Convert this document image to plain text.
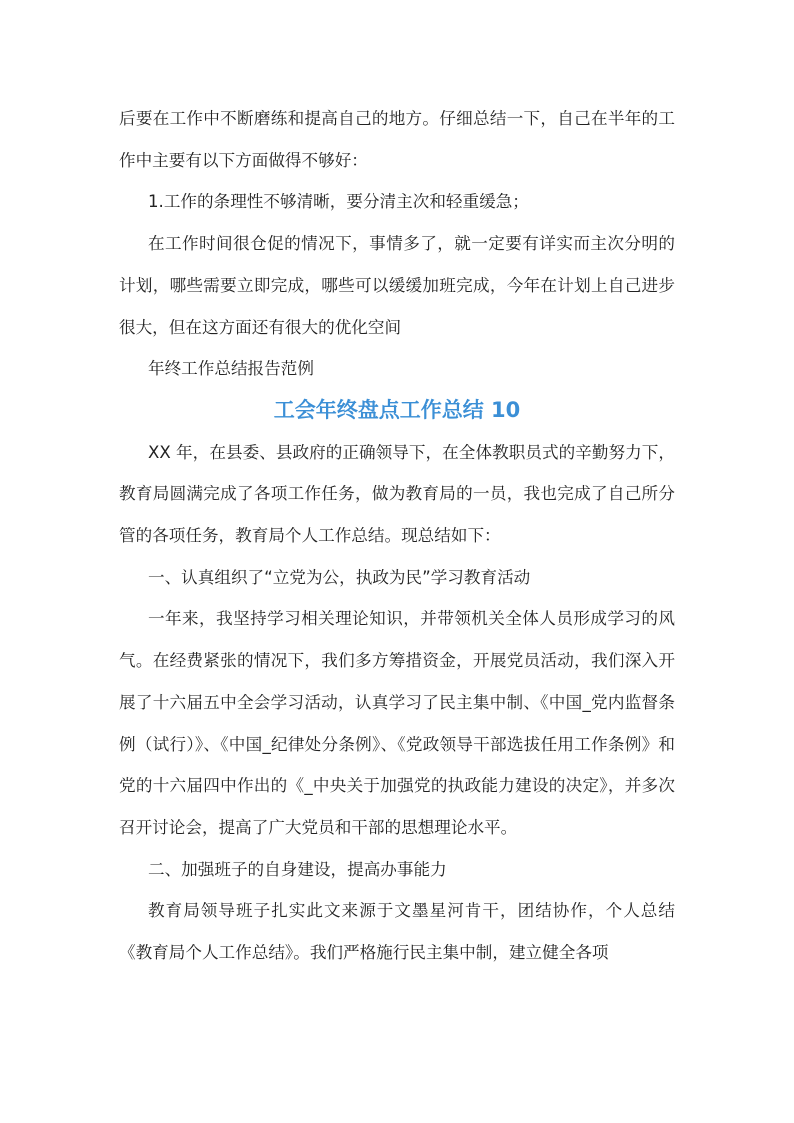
后要在工作中不断磨练和提高自己的地方。仔细总结一下，自己在半年的工作中主要有以下方面做得不够好：

1.工作的条理性不够清晰，要分清主次和轻重缓急；

在工作时间很仓促的情况下，事情多了，就一定要有详实而主次分明的计划，哪些需要立即完成，哪些可以缓缓加班完成，今年在计划上自己进步很大，但在这方面还有很大的优化空间

年终工作总结报告范例

工会年终盘点工作总结 10

XX 年，在县委、县政府的正确领导下，在全体教职员式的辛勤努力下，教育局圆满完成了各项工作任务，做为教育局的一员，我也完成了自己所分管的各项任务，教育局个人工作总结。现总结如下：

一、认真组织了“立党为公，执政为民”学习教育活动

一年来，我坚持学习相关理论知识，并带领机关全体人员形成学习的风气。在经费紧张的情况下，我们多方筹措资金，开展党员活动，我们深入开展了十六届五中全会学习活动，认真学习了民主集中制、《中国_党内监督条例（试行）》、《中国_纪律处分条例》、《党政领导干部选拔任用工作条例》和党的十六届四中作出的《_中央关于加强党的执政能力建设的决定》，并多次召开讨论会，提高了广大党员和干部的思想理论水平。

二、加强班子的自身建设，提高办事能力

教育局领导班子扎实此文来源于文墨星河肯干，团结协作，个人总结《教育局个人工作总结》。我们严格施行民主集中制，建立健全各项
